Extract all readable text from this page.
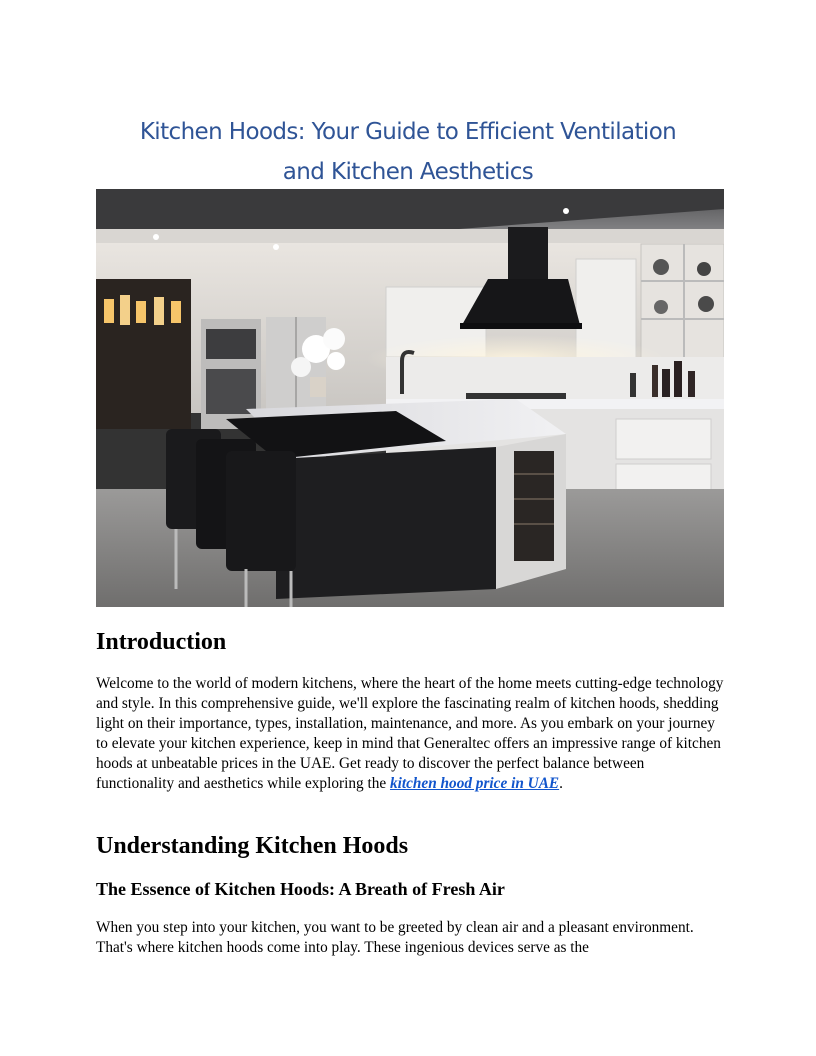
Kitchen Hoods: Your Guide to Efficient Ventilation
and Kitchen Aesthetics
Introduction

Welcome to the world of modern kitchens, where the heart of the home meets cutting-edge technology and style. In this comprehensive guide, we'll explore the fascinating realm of kitchen hoods, shedding light on their importance, types, installation, maintenance, and more. As you embark on your journey to elevate your kitchen experience, keep in mind that Generaltec offers an impressive range of kitchen hoods at unbeatable prices in the UAE. Get ready to discover the perfect balance between functionality and aesthetics while exploring the kitchen hood price in UAE.

Understanding Kitchen Hoods
The Essence of Kitchen Hoods: A Breath of Fresh Air

When you step into your kitchen, you want to be greeted by clean air and a pleasant environment. That's where kitchen hoods come into play. These ingenious devices serve as the
